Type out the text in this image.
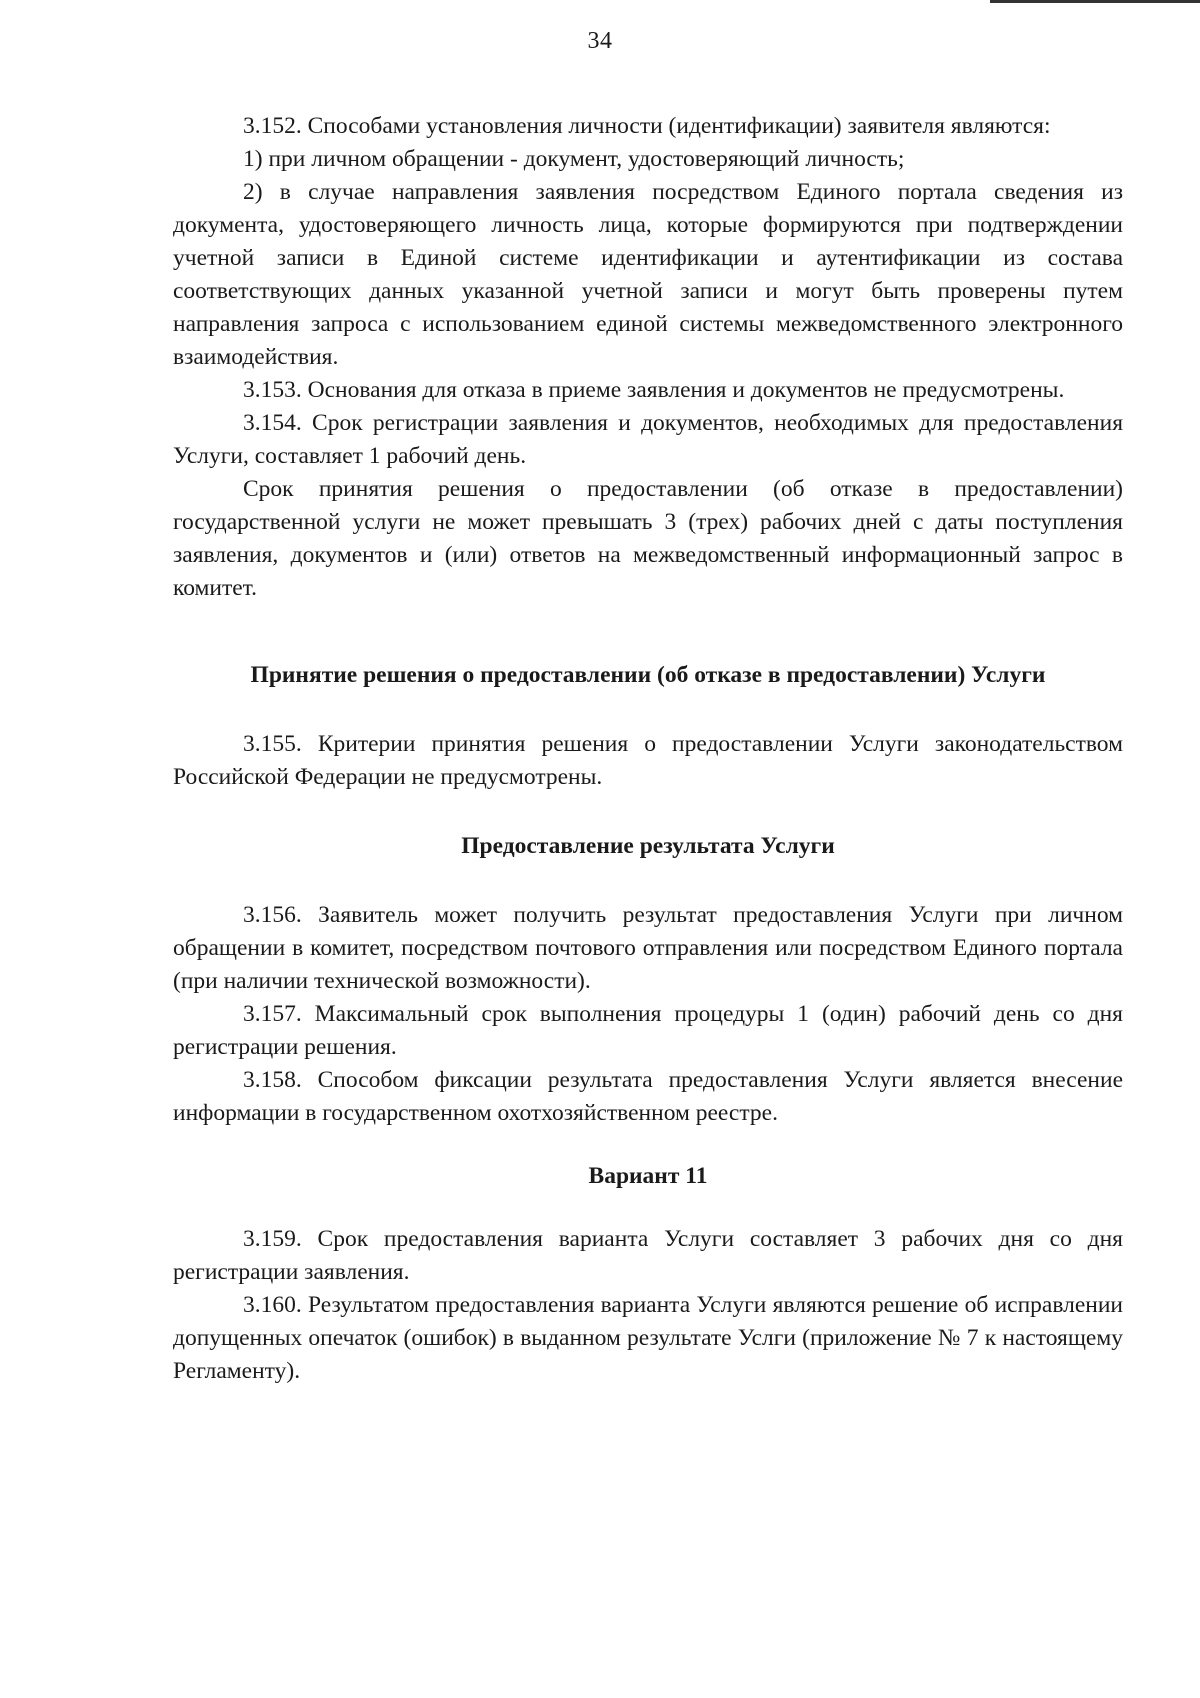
34

3.152. Способами установления личности (идентификации) заявителя являются:

1) при личном обращении - документ, удостоверяющий личность;

2) в случае направления заявления посредством Единого портала сведения из документа, удостоверяющего личность лица, которые формируются при подтверждении учетной записи в Единой системе идентификации и аутентификации из состава соответствующих данных указанной учетной записи и могут быть проверены путем направления запроса с использованием единой системы межведомственного электронного взаимодействия.

3.153. Основания для отказа в приеме заявления и документов не предусмотрены.

3.154. Срок регистрации заявления и документов, необходимых для предоставления Услуги, составляет 1 рабочий день.

Срок принятия решения о предоставлении (об отказе в предоставлении) государственной услуги не может превышать 3 (трех) рабочих дней с даты поступления заявления, документов и (или) ответов на межведомственный информационный запрос в комитет.

Принятие решения о предоставлении (об отказе в предоставлении) Услуги

3.155. Критерии принятия решения о предоставлении Услуги законодательством Российской Федерации не предусмотрены.

Предоставление результата Услуги

3.156. Заявитель может получить результат предоставления Услуги при личном обращении в комитет, посредством почтового отправления или посредством Единого портала (при наличии технической возможности).

3.157. Максимальный срок выполнения процедуры 1 (один) рабочий день со дня регистрации решения.

3.158. Способом фиксации результата предоставления Услуги является внесение информации в государственном охотхозяйственном реестре.

Вариант 11

3.159. Срок предоставления варианта Услуги составляет 3 рабочих дня со дня регистрации заявления.

3.160. Результатом предоставления варианта Услуги являются решение об исправлении допущенных опечаток (ошибок) в выданном результате Услги (приложение № 7 к настоящему Регламенту).
